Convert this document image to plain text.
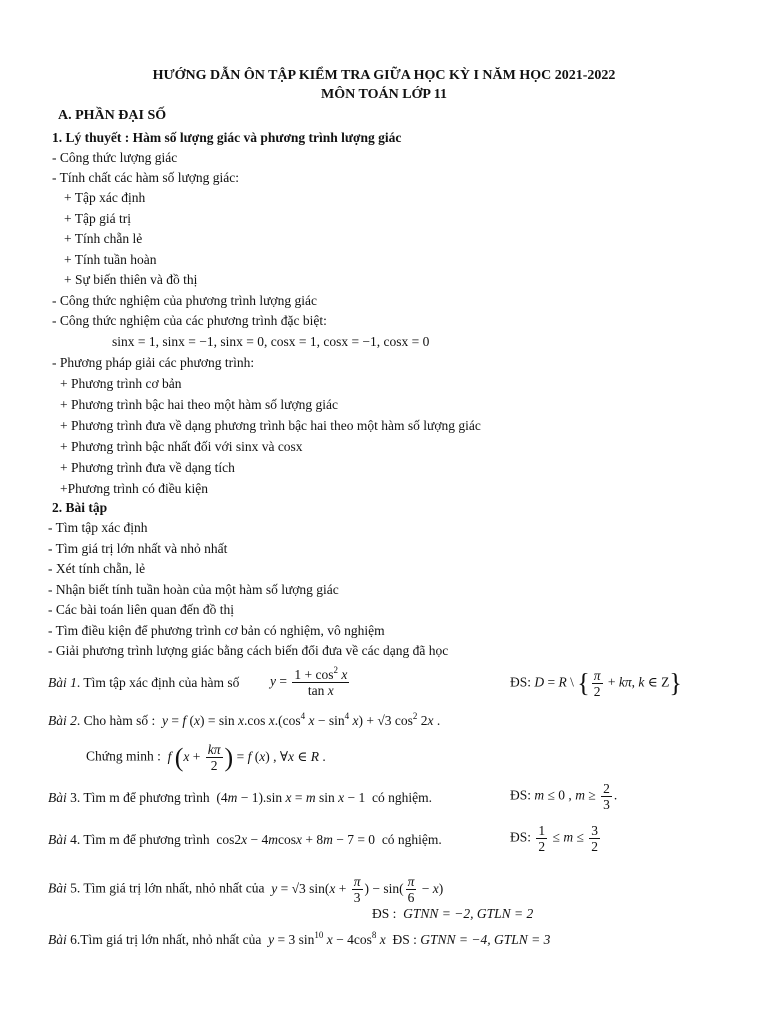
HƯỚNG DẪN ÔN TẬP KIỂM TRA GIỮA HỌC KỲ I NĂM HỌC 2021-2022
MÔN TOÁN LỚP 11
A. PHẦN ĐẠI SỐ
1. Lý thuyết : Hàm số lượng giác và phương trình lượng giác
- Công thức lượng giác
- Tính chất các hàm số lượng giác:
+ Tập xác định
+ Tập giá trị
+ Tính chẵn lẻ
+ Tính tuần hoàn
+ Sự biến thiên và đồ thị
- Công thức nghiệm của phương trình lượng giác
- Công thức nghiệm của các phương trình đặc biệt:
sinx = 1, sinx = −1, sinx = 0, cosx = 1, cosx = −1, cosx = 0
- Phương pháp giải các phương trình:
+ Phương trình cơ bản
+ Phương trình bậc hai theo một hàm số lượng giác
+ Phương trình đưa về dạng phương trình bậc hai theo một hàm số lượng giác
+ Phương trình bậc nhất đối với sinx và cosx
+ Phương trình đưa về dạng tích
+Phương trình có điều kiện
2. Bài tập
- Tìm tập xác định
- Tìm giá trị lớn nhất và nhỏ nhất
- Xét tính chẵn, lẻ
- Nhận biết tính tuần hoàn của một hàm số lượng giác
- Các bài toán liên quan đến đồ thị
- Tìm điều kiện để phương trình cơ bản có nghiệm, vô nghiệm
- Giải phương trình lượng giác bằng cách biến đổi đưa về các dạng đã học
Bài 1. Tìm tập xác định của hàm số $y = \frac{1 + \cos^2 x}{\text{tan x}}$	ĐS: D = R \ { $\frac{\pi}{2} + k\pi$, k ∈ Z}
Bài 2. Cho hàm số : y = f (x) = sin x.cos $x.(\cos^4$ $x - \sin^4 x) + √3$ $\cos^2 2x$ .
Chứng minh : f ($x + \frac{k\pi}{2}$ ) = f (x) , ∀x ∈ R .
Bài 3. Tìm m để phương trình  (4m − 1).sin x = m sin x − 1  có nghiệm.	ĐS: m ≤ 0 , $m \ge \frac{2}{3}$ .
Bài 4. Tìm m để phương trình  cos2x − 4mcosx + 8m − 7 = 0  có nghiệm.	ĐS: $\frac{1}{2} \le m \le \frac{3}{2}$
Bài 5. Tìm giá trị lớn nhất, nhỏ nhất của y = √3 $\sin(x + \frac{\pi}{3}$ ) − $\sin( \frac{\pi}{6} - x)$
ĐS : GTNN = −2, GTLN = 2
Bài 6.Tìm giá trị lớn nhất, nhỏ nhất của y = 3 $\sin^{10} x - 4\cos^8$ x ĐS : GTNN = −4, GTLN = 3
